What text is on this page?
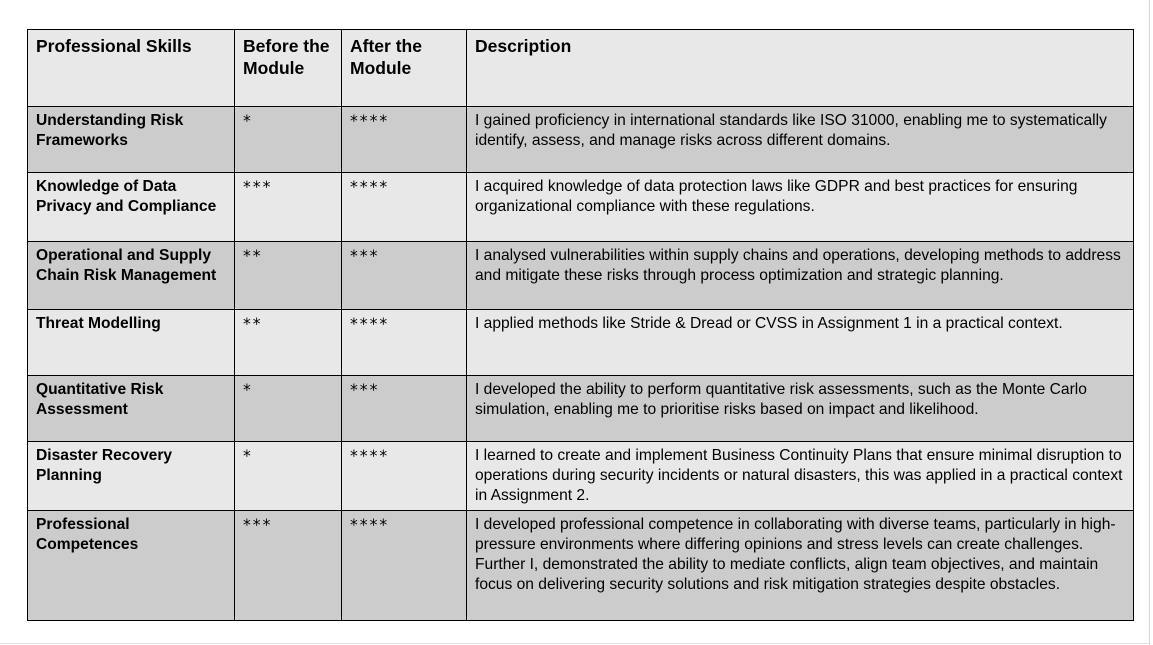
Professional Skills	Before the Module	After the Module	Description
Understanding Risk Frameworks	*	****	I gained proficiency in international standards like ISO 31000, enabling me to systematically identify, assess, and manage risks across different domains.
Knowledge of Data Privacy and Compliance	***	****	I acquired knowledge of data protection laws like GDPR and best practices for ensuring organizational compliance with these regulations.
Operational and Supply Chain Risk Management	**	***	I analysed vulnerabilities within supply chains and operations, developing methods to address and mitigate these risks through process optimization and strategic planning.
Threat Modelling	**	****	I applied methods like Stride & Dread or CVSS in Assignment 1 in a practical context.
Quantitative Risk Assessment	*	***	I developed the ability to perform quantitative risk assessments, such as the Monte Carlo simulation, enabling me to prioritise risks based on impact and likelihood.
Disaster Recovery Planning	*	****	I learned to create and implement Business Continuity Plans that ensure minimal disruption to operations during security incidents or natural disasters, this was applied in a practical context in Assignment 2.
Professional Competences	***	****	I developed professional competence in collaborating with diverse teams, particularly in high-pressure environments where differing opinions and stress levels can create challenges. Further I, demonstrated the ability to mediate conflicts, align team objectives, and maintain focus on delivering security solutions and risk mitigation strategies despite obstacles.
